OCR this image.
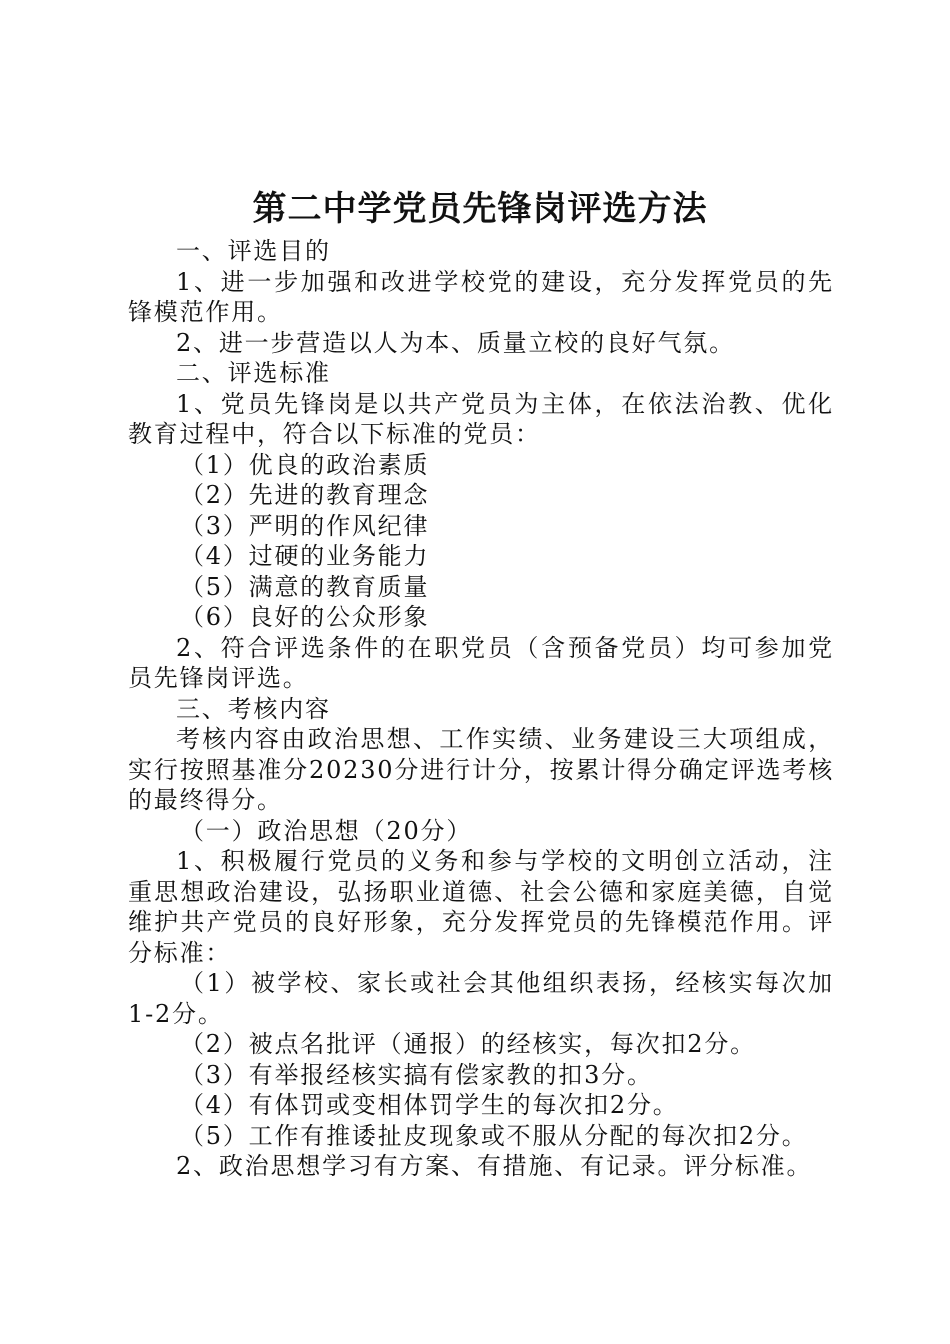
第二中学党员先锋岗评选方法

一、评选目的

1、进一步加强和改进学校党的建设，充分发挥党员的先锋模范作用。

2、进一步营造以人为本、质量立校的良好气氛。

二、评选标准

1、党员先锋岗是以共产党员为主体，在依法治教、优化教育过程中，符合以下标准的党员：

（1）优良的政治素质

（2）先进的教育理念

（3）严明的作风纪律

（4）过硬的业务能力

（5）满意的教育质量

（6）良好的公众形象

2、符合评选条件的在职党员（含预备党员）均可参加党员先锋岗评选。

三、考核内容

考核内容由政治思想、工作实绩、业务建设三大项组成，实行按照基准分20230分进行计分，按累计得分确定评选考核的最终得分。

（一）政治思想（20分）

1、积极履行党员的义务和参与学校的文明创立活动，注重思想政治建设，弘扬职业道德、社会公德和家庭美德，自觉维护共产党员的良好形象，充分发挥党员的先锋模范作用。评分标准：

（1）被学校、家长或社会其他组织表扬，经核实每次加1-2分。

（2）被点名批评（通报）的经核实，每次扣2分。

（3）有举报经核实搞有偿家教的扣3分。

（4）有体罚或变相体罚学生的每次扣2分。

（5）工作有推诿扯皮现象或不服从分配的每次扣2分。

2、政治思想学习有方案、有措施、有记录。评分标准。
